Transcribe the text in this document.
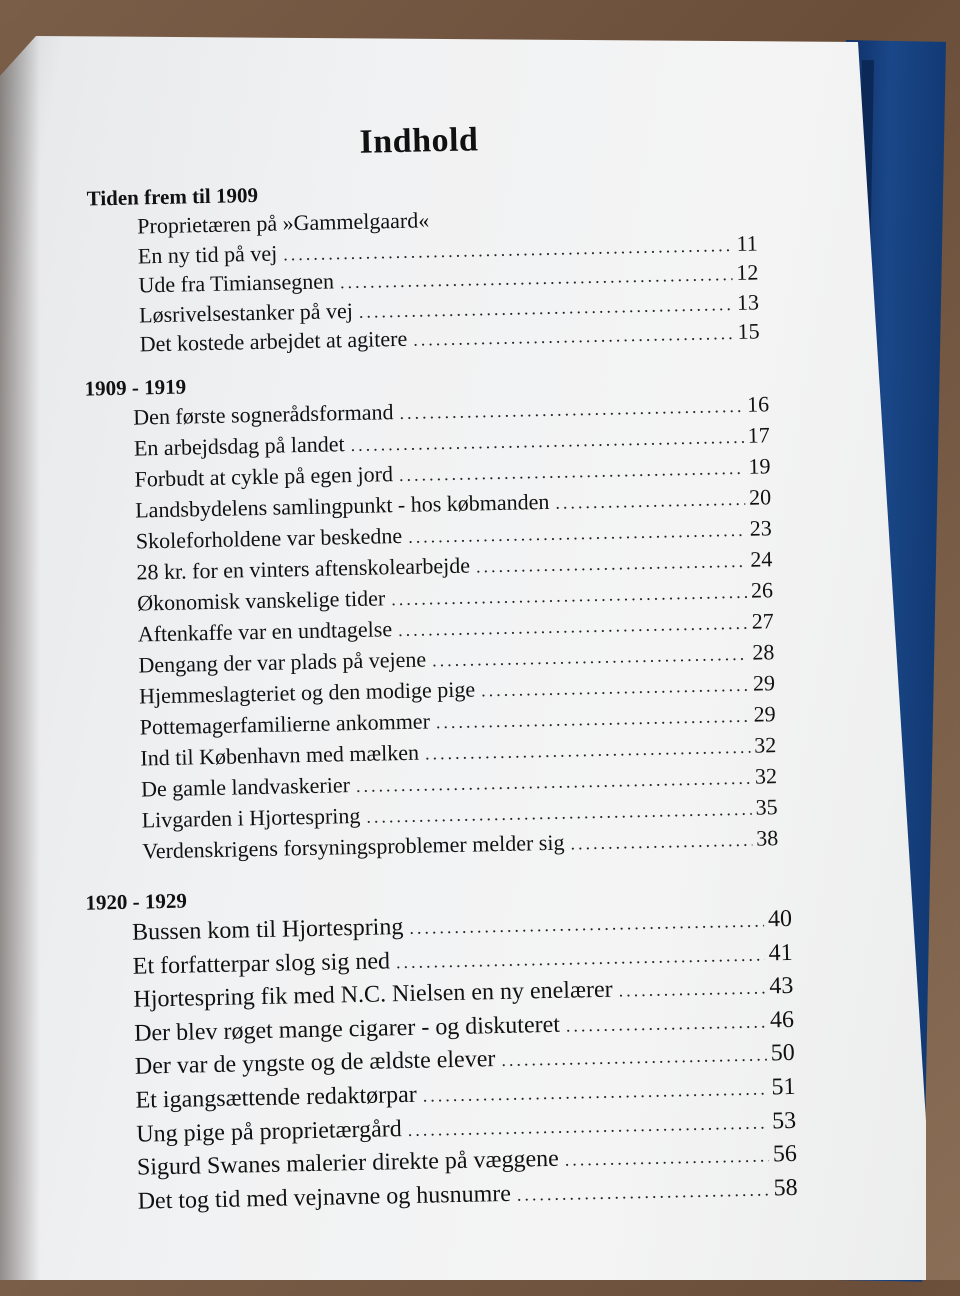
Indhold
Tiden frem til 1909
Proprietæren på »Gammelgaard«
En ny tid på vej .....	11
Ude fra Timiansegnen .....	12
Løsrivelsestanker på vej .....	13
Det kostede arbejdet at agitere .....	15
1909 - 1919
Den første sognerådsformand .....	16
En arbejdsdag på landet .....	17
Forbudt at cykle på egen jord .....	19
Landsbydelens samlingpunkt - hos købmanden .....	20
Skoleforholdene var beskedne .....	23
28 kr. for en vinters aftenskolearbejde .....	24
Økonomisk vanskelige tider .....	26
Aftenkaffe var en undtagelse .....	27
Dengang der var plads på vejene .....	28
Hjemmeslagteriet og den modige pige .....	29
Pottemagerfamilierne ankommer .....	29
Ind til København med mælken .....	32
De gamle landvaskerier .....	32
Livgarden i Hjortespring .....	35
Verdenskrigens forsyningsproblemer melder sig .....	38
1920 - 1929
Bussen kom til Hjortespring .....	40
Et forfatterpar slog sig ned .....	41
Hjortespring fik med N.C. Nielsen en ny enelærer .....	43
Der blev røget mange cigarer - og diskuteret .....	46
Der var de yngste og de ældste elever .....	50
Et igangsættende redaktørpar .....	51
Ung pige på proprietærgård .....	53
Sigurd Swanes malerier direkte på væggene .....	56
Det tog tid med vejnavne og husnumre .....	58
